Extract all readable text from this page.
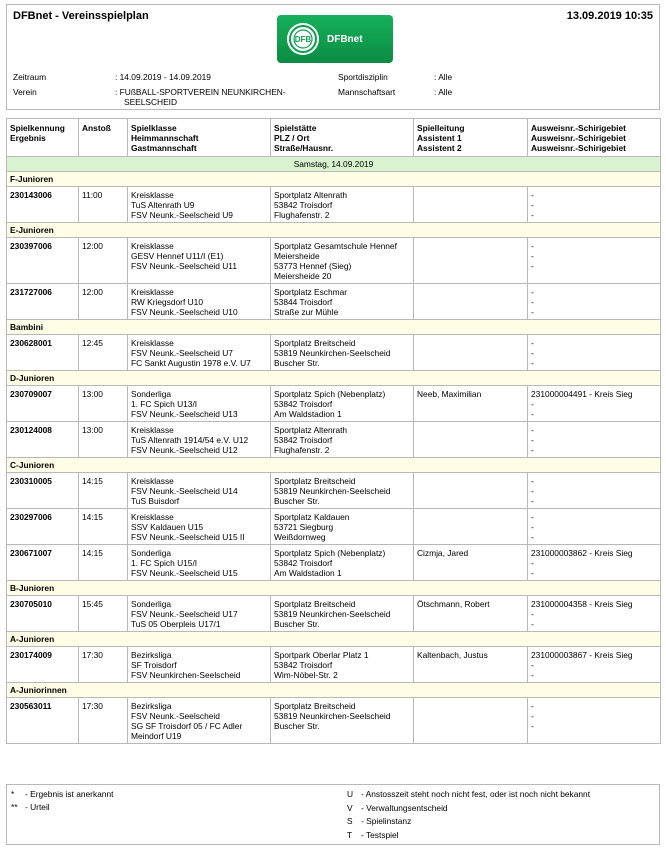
DFBnet - Vereinsspielplan	13.09.2019 10:35
DFB DFBnet
Zeitraum	: 14.09.2019 - 14.09.2019
Verein	: FUßBALL-SPORTVEREIN NEUNKIRCHEN-
SEELSCHEID
Sportdisziplin	: Alle
Mannschaftsart	: Alle
Spielkennung
Ergebnis	Anstoß	Spielklasse
Heimmannschaft
Gastmannschaft	Spielstätte
PLZ / Ort
Straße/Hausnr.	Spielleitung
Assistent 1
Assistent 2	Ausweisnr.-Schirigebiet
Ausweisnr.-Schirigebiet
Ausweisnr.-Schirigebiet

Samstag, 14.09.2019					
F-Junioren					
230143006	11:00	Kreisklasse
TuS Altenrath U9
FSV Neunk.-Seelscheid U9	Sportplatz Altenrath
53842 Troisdorf
Flughafenstr. 2		-
-
-

E-Junioren					
230397006	12:00	Kreisklasse
GESV Hennef U11/I (E1)
FSV Neunk.-Seelscheid U11	Sportplatz Gesamtschule Hennef
Meiersheide
53773 Hennef (Sieg)
Meiersheide 20		-
-
-

231727006	12:00	Kreisklasse
RW Kriegsdorf U10
FSV Neunk.-Seelscheid U10	Sportplatz Eschmar
53844 Troisdorf
Straße zur Mühle		-
-
-

Bambini					
230628001	12:45	Kreisklasse
FSV Neunk.-Seelscheid U7
FC Sankt Augustin 1978 e.V. U7	Sportplatz Breitscheid
53819 Neunkirchen-Seelscheid
Buscher Str.		-
-
-

D-Junioren					
230709007	13:00	Sonderliga
1. FC Spich U13/I
FSV Neunk.-Seelscheid U13	Sportplatz Spich (Nebenplatz)
53842 Troisdorf
Am Waldstadion 1	Neeb, Maximilian	231000004491 - Kreis Sieg
-
-

230124008	13:00	Kreisklasse
TuS Altenrath 1914/54 e.V. U12
FSV Neunk.-Seelscheid U12	Sportplatz Altenrath
53842 Troisdorf
Flughafenstr. 2		-
-
-

C-Junioren					
230310005	14:15	Kreisklasse
FSV Neunk.-Seelscheid U14
TuS Buisdorf	Sportplatz Breitscheid
53819 Neunkirchen-Seelscheid
Buscher Str.		-
-
-

230297006	14:15	Kreisklasse
SSV Kaldauen U15
FSV Neunk.-Seelscheid U15 II	Sportplatz Kaldauen
53721 Siegburg
Weißdornweg		-
-
-

230671007	14:15	Sonderliga
1. FC Spich U15/I
FSV Neunk.-Seelscheid U15	Sportplatz Spich (Nebenplatz)
53842 Troisdorf
Am Waldstadion 1	Cizmja, Jared	231000003862 - Kreis Sieg
-
-

B-Junioren					
230705010	15:45	Sonderliga
FSV Neunk.-Seelscheid U17
TuS 05 Oberpleis U17/1	Sportplatz Breitscheid
53819 Neunkirchen-Seelscheid
Buscher Str.	Ötschmann, Robert	231000004358 - Kreis Sieg
-
-

A-Junioren					
230174009	17:30	Bezirksliga
SF Troisdorf
FSV Neunkirchen-Seelscheid	Sportpark Oberlar Platz 1
53842 Troisdorf
Wim-Nöbel-Str. 2	Kaltenbach, Justus	231000003867 - Kreis Sieg
-
-

A-Juniorinnen					
230563011	17:30	Bezirksliga
FSV Neunk.-Seelscheid
SG SF Troisdorf 05 / FC Adler
Meindorf U19	Sportplatz Breitscheid
53819 Neunkirchen-Seelscheid
Buscher Str.		-
-
-
* - Ergebnis ist anerkannt
** - Urteil
U - Anstosszeit steht noch nicht fest, oder ist noch nicht bekannt
V - Verwaltungsentscheid
S - Spielinstanz
T - Testspiel
